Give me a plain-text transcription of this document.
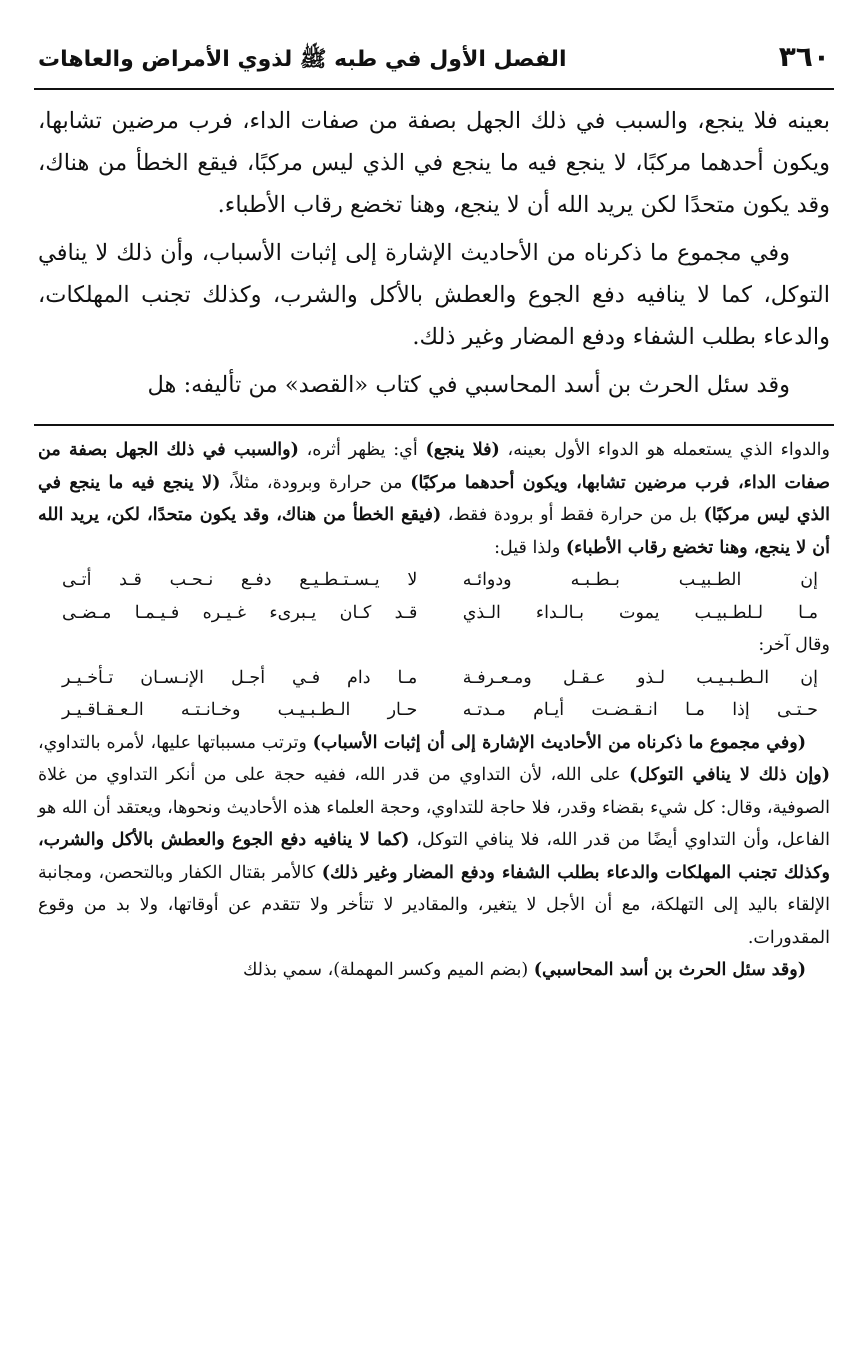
٣٦٠
الفصل الأول في طبه ﷺ لذوي الأمراض والعاهات

بعينه فلا ينجع، والسبب في ذلك الجهل بصفة من صفات الداء، فرب مرضين تشابها، ويكون أحدهما مركبًا، لا ينجع فيه ما ينجع في الذي ليس مركبًا، فيقع الخطأ من هناك، وقد يكون متحدًا لكن يريد الله أن لا ينجع، وهنا تخضع رقاب الأطباء.

وفي مجموع ما ذكرناه من الأحاديث الإشارة إلى إثبات الأسباب، وأن ذلك لا ينافي التوكل، كما لا ينافيه دفع الجوع والعطش بالأكل والشرب، وكذلك تجنب المهلكات، والدعاء بطلب الشفاء ودفع المضار وغير ذلك.

وقد سئل الحرث بن أسد المحاسبي في كتاب «القصد» من تأليفه: هل

والدواء الذي يستعمله هو الدواء الأول بعينه، (فلا ينجع) أي: يظهر أثره، (والسبب في ذلك الجهل بصفة من صفات الداء، فرب مرضين تشابها، ويكون أحدهما مركبًا) من حرارة وبرودة، مثلاً، (لا ينجع فيه ما ينجع في الذي ليس مركبًا) بل من حرارة فقط أو برودة فقط، (فيقع الخطأ من هناك، وقد يكون متحدًا، لكن، يريد الله أن لا ينجع، وهنا تخضع رقاب الأطباء) ولذا قيل:

إن الطـبيـب بـطـبـه ودوائـه
لا يـسـتـطـيـع دفـع نـحـب قـد أتـى
مـا لـلطـبيـب يموت بـالـداء الـذي
قـد كـان يـبرىء غـيـره فـيـمـا مـضـى

وقال آخر:

إن الـطـبـيـب لـذو عـقـل ومـعـرفـة
مـا دام فـي أجـل الإنـسـان تـأخـيـر
حـتـى إذا مـا انـقـضـت أيـام مـدتـه
حـار الـطـبـيـب وخـانـتـه الـعـقـاقـيـر

(وفي مجموع ما ذكرناه من الأحاديث الإشارة إلى أن إثبات الأسباب) وترتب مسبباتها عليها، لأمره بالتداوي، (وإن ذلك لا ينافي التوكل) على الله، لأن التداوي من قدر الله، ففيه حجة على من أنكر التداوي من غلاة الصوفية، وقال: كل شيء بقضاء وقدر، فلا حاجة للتداوي، وحجة العلماء هذه الأحاديث ونحوها، ويعتقد أن الله هو الفاعل، وأن التداوي أيضًا من قدر الله، فلا ينافي التوكل، (كما لا ينافيه دفع الجوع والعطش بالأكل والشرب، وكذلك تجنب المهلكات والدعاء بطلب الشفاء ودفع المضار وغير ذلك) كالأمر بقتال الكفار وبالتحصن، ومجانبة الإلقاء باليد إلى التهلكة، مع أن الأجل لا يتغير، والمقادير لا تتأخر ولا تتقدم عن أوقاتها، ولا بد من وقوع المقدورات.

(وقد سئل الحرث بن أسد المحاسبي) (بضم الميم وكسر المهملة)، سمي بذلك
